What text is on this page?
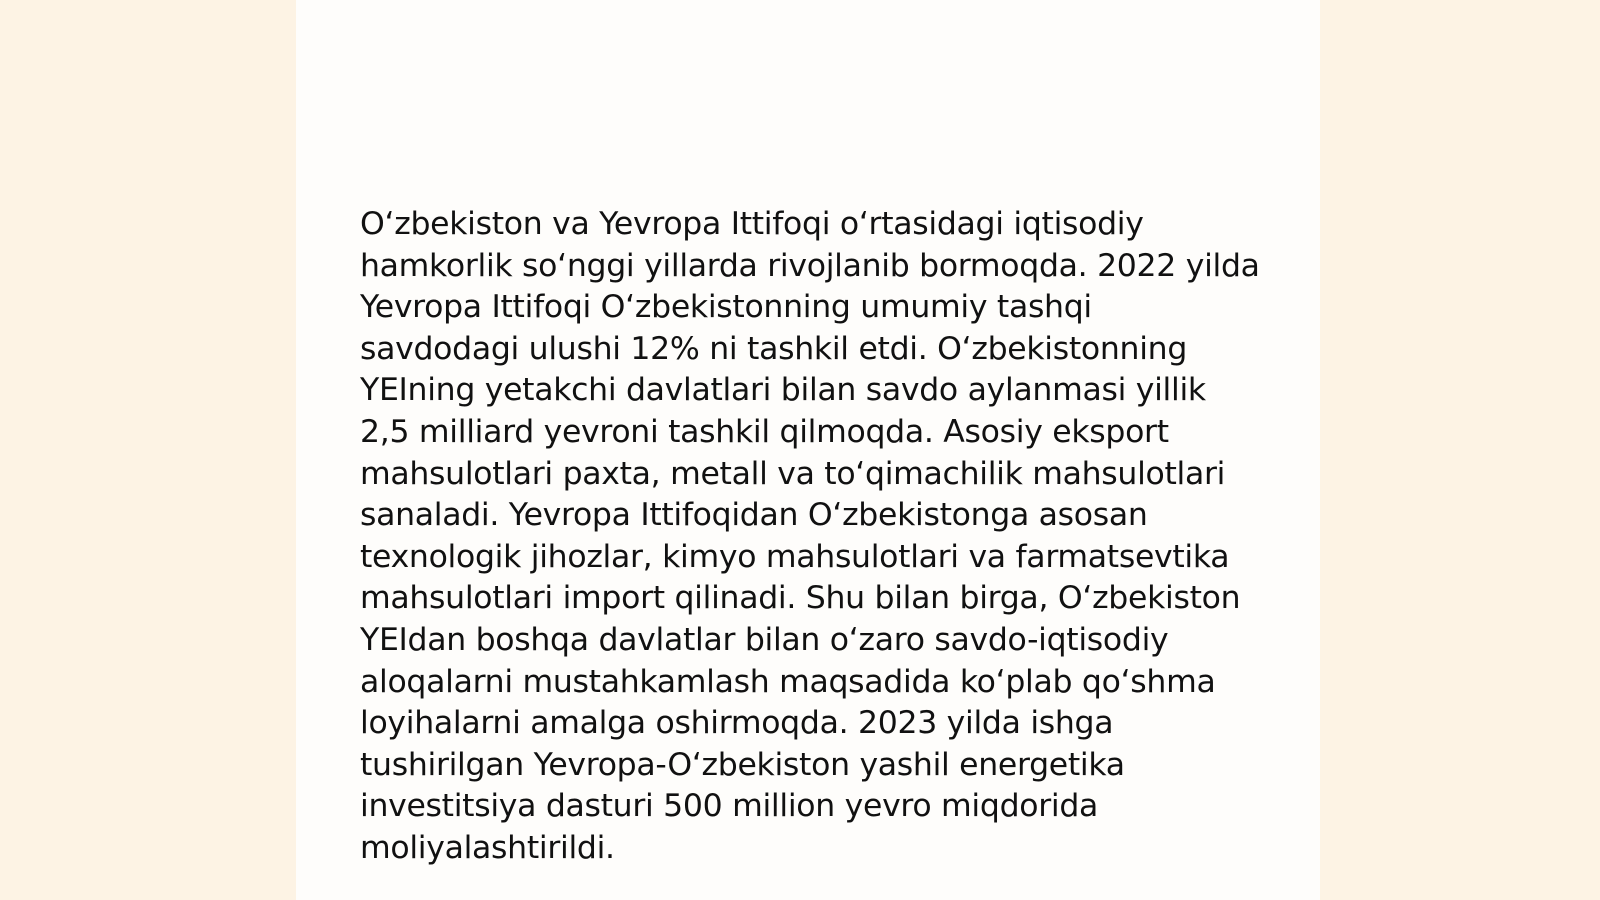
O‘zbekiston va Yevropa Ittifoqi o‘rtasidagi iqtisodiy hamkorlik so‘nggi yillarda rivojlanib bormoqda. 2022 yilda Yevropa Ittifoqi O‘zbekistonning umumiy tashqi savdodagi ulushi 12% ni tashkil etdi. O‘zbekistonning YEIning yetakchi davlatlari bilan savdo aylanmasi yillik 2,5 milliard yevroni tashkil qilmoqda. Asosiy eksport mahsulotlari paxta, metall va to‘qimachilik mahsulotlari sanaladi. Yevropa Ittifoqidan O‘zbekistonga asosan texnologik jihozlar, kimyo mahsulotlari va farmatsevtika mahsulotlari import qilinadi. Shu bilan birga, O‘zbekiston YEIdan boshqa davlatlar bilan o‘zaro savdo-iqtisodiy aloqalarni mustahkamlash maqsadida ko‘plab qo‘shma loyihalarni amalga oshirmoqda. 2023 yilda ishga tushirilgan Yevropa-O‘zbekiston yashil energetika investitsiya dasturi 500 million yevro miqdorida moliyalashtirildi.
